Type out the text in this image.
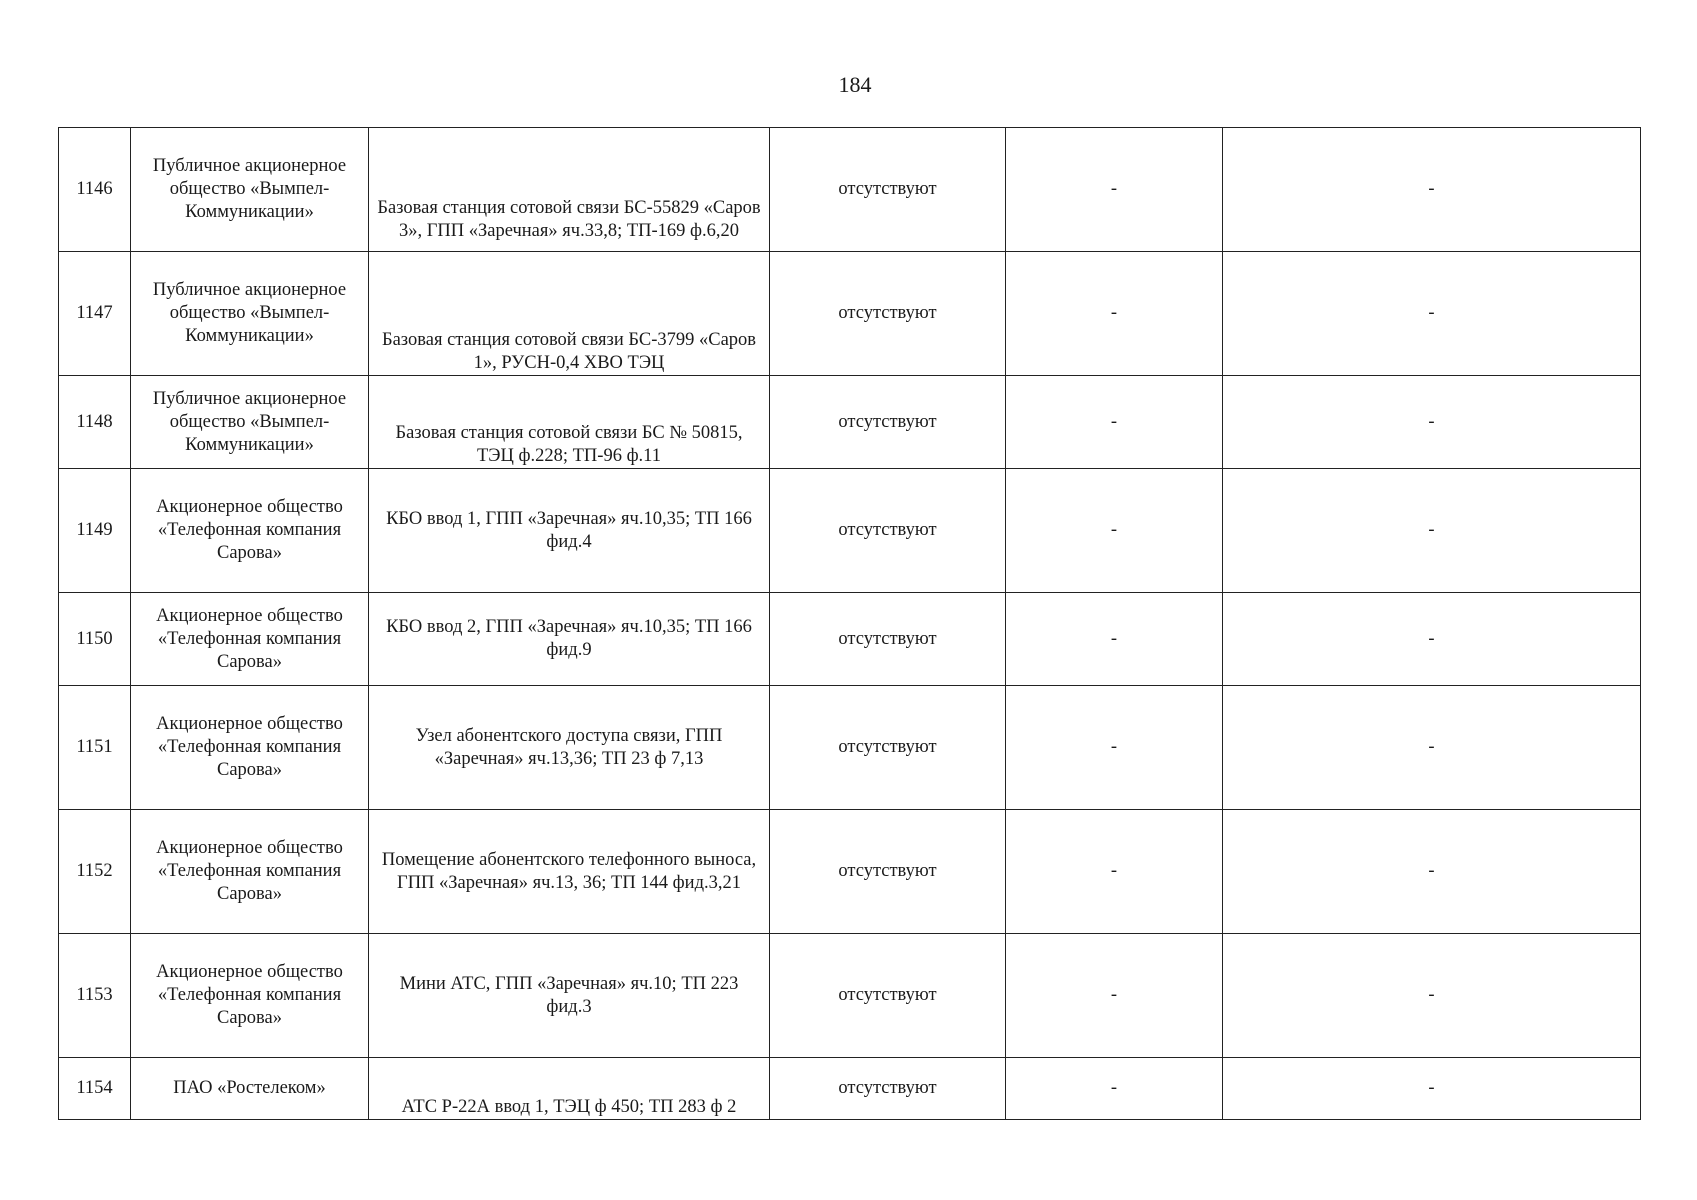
184
1146	Публичное акционерное общество «Вымпел-Коммуникации»	Базовая станция сотовой связи БС-55829 «Саров 3», ГПП «Заречная» яч.33,8; ТП-169 ф.6,20	отсутствуют	-	-
1147	Публичное акционерное общество «Вымпел-Коммуникации»	Базовая станция сотовой связи БС-3799 «Саров 1», РУСН-0,4 ХВО ТЭЦ	отсутствуют	-	-
1148	Публичное акционерное общество «Вымпел-Коммуникации»	Базовая станция сотовой связи БС № 50815, ТЭЦ ф.228; ТП-96 ф.11	отсутствуют	-	-
1149	Акционерное общество «Телефонная компания Сарова»	КБО ввод 1, ГПП «Заречная» яч.10,35; ТП 166 фид.4	отсутствуют	-	-
1150	Акционерное общество «Телефонная компания Сарова»	КБО ввод 2, ГПП «Заречная» яч.10,35; ТП 166 фид.9	отсутствуют	-	-
1151	Акционерное общество «Телефонная компания Сарова»	Узел абонентского доступа связи, ГПП «Заречная» яч.13,36; ТП 23 ф 7,13	отсутствуют	-	-
1152	Акционерное общество «Телефонная компания Сарова»	Помещение абонентского телефонного выноса, ГПП «Заречная» яч.13, 36; ТП 144 фид.3,21	отсутствуют	-	-
1153	Акционерное общество «Телефонная компания Сарова»	Мини АТС, ГПП «Заречная» яч.10; ТП 223 фид.3	отсутствуют	-	-
1154	ПАО «Ростелеком»	АТС Р-22А ввод 1, ТЭЦ ф 450; ТП 283 ф 2	отсутствуют	-	-
